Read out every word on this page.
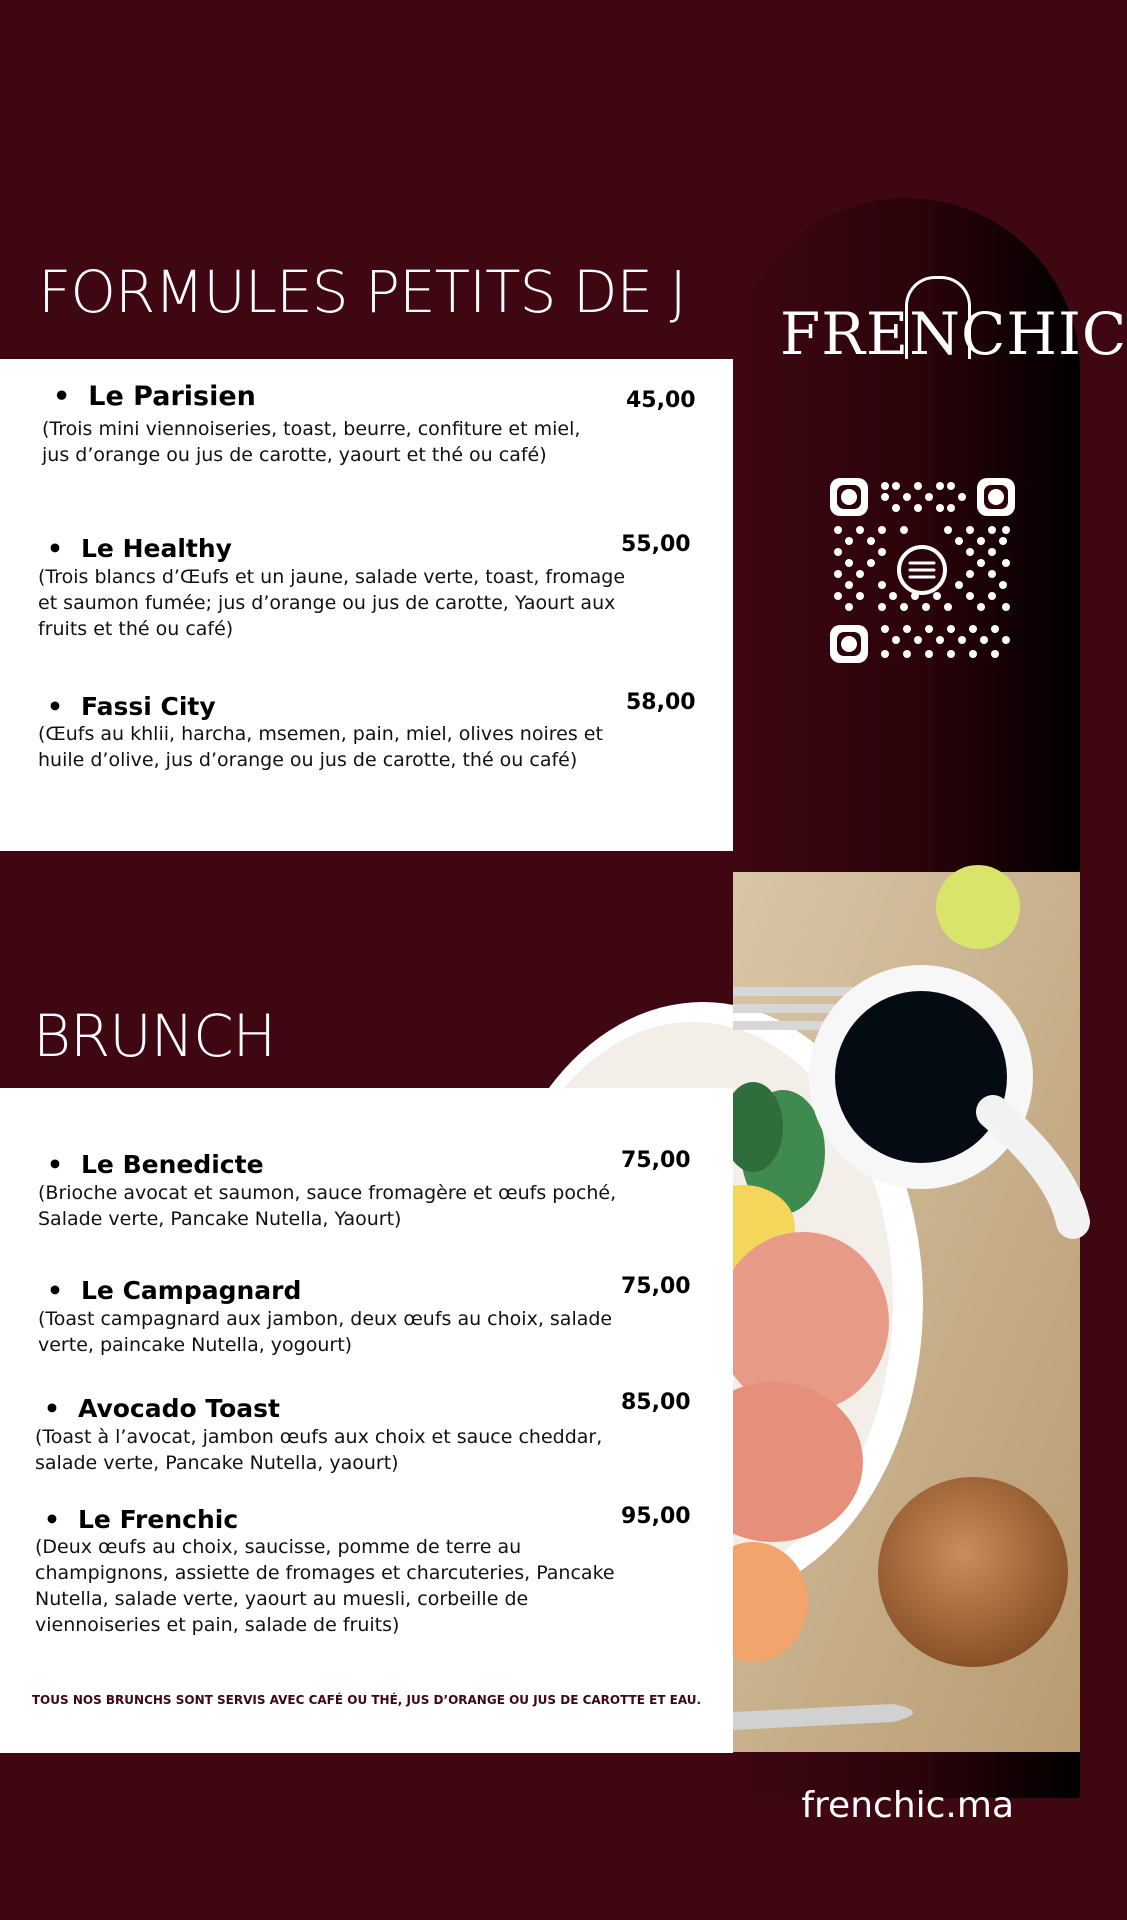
FRENCHIC
FORMULES PETITS DE J
• Le Parisien	45,00
(Trois mini viennoiseries, toast, beurre, confiture et miel,
jus d’orange ou jus de carotte, yaourt et thé ou café)
• Le Healthy	55,00
(Trois blancs d’Œufs et un jaune, salade verte, toast, fromage et saumon fumée; jus d’orange ou jus de carotte, Yaourt aux fruits et thé ou café)
• Fassi City	58,00
(Œufs au khlii, harcha, msemen, pain, miel, olives noires et huile d’olive, jus d’orange ou jus de carotte, thé ou café)
BRUNCH
• Le Benedicte	75,00
(Brioche avocat et saumon, sauce fromagère et œufs poché, Salade verte, Pancake Nutella, Yaourt)
• Le Campagnard	75,00
(Toast campagnard aux jambon, deux œufs au choix, salade verte, paincake Nutella, yogourt)
• Avocado Toast	85,00
(Toast à l’avocat, jambon œufs aux choix et sauce cheddar, salade verte, Pancake Nutella, yaourt)
• Le Frenchic	95,00
(Deux œufs au choix, saucisse, pomme de terre au champignons, assiette de fromages et charcuteries, Pancake Nutella, salade verte, yaourt au muesli, corbeille de viennoiseries et pain, salade de fruits)
TOUS NOS BRUNCHS SONT SERVIS AVEC CAFÉ OU THÉ, JUS D’ORANGE OU JUS DE CAROTTE ET EAU.
frenchic.ma
